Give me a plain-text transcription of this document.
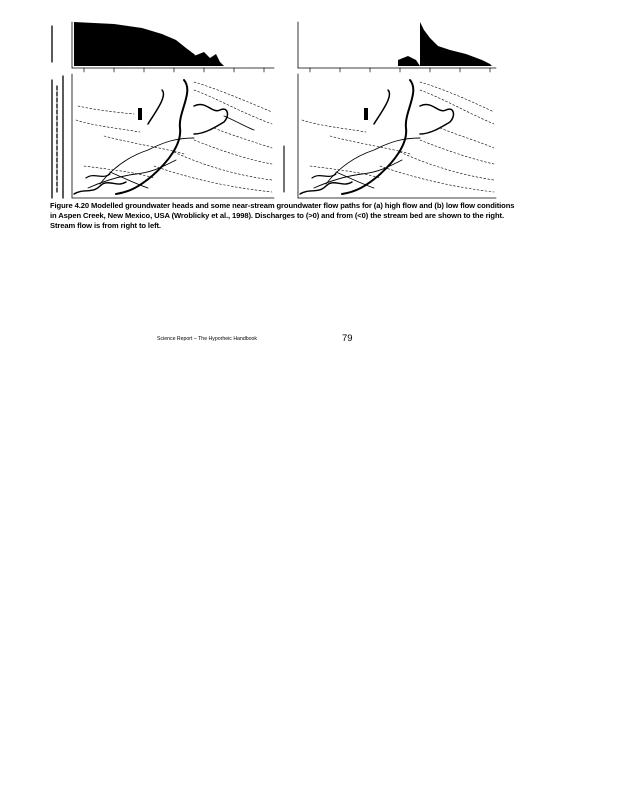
Figure 4.20 Modelled groundwater heads and some near-stream groundwater flow paths for (a) high flow and (b) low flow conditions
in Aspen Creek, New Mexico, USA (Wroblicky et al., 1998). Discharges to (>0) and from (<0) the stream bed are shown to the right.
Stream flow is from right to left.
Science Report – The Hyporheic Handbook	79
